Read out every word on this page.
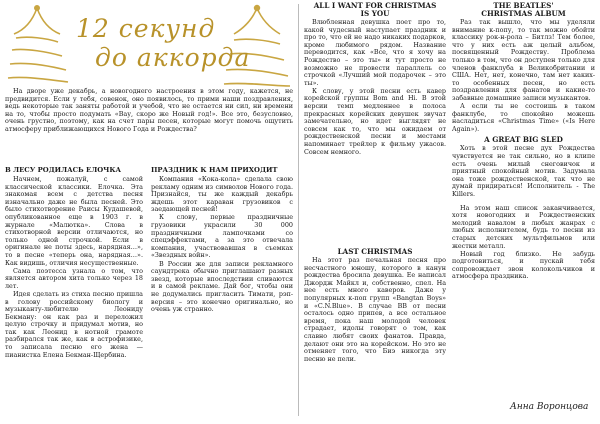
12 секунд
до аккорда

На дворе уже декабрь, а новогоднего настроения в этом году, кажется, не предвидится. Если у тебя, совенок, оно появилось, то прими наши поздравления, ведь некоторые так заняты работой и учебой, что не остается ни сил, ни времени на то, чтобы просто подумать «Вау, скоро же Новый год!». Все это, безусловно, очень грустно, поэтому, как на счет пары песен, которые могут помочь ощутить атмосферу приближающихся Нового Года и Рождества?

В ЛЕСУ РОДИЛАСЬ ЕЛОЧКА

Начнем, пожалуй, с самой классической классики. Елочка. Эта знакомая всем с детства песня изначально даже не была песней. Это было стихотворение Раисы Кудашевой, опубликованное еще в 1903 г. в журнале «Малютка». Слова в стихотворной версии отличаются, но только одной строчкой. Если в оригинале не поты здесь, нарядная…», то в песне «теперь она, нарядная…». Как видишь, отличия несущественные.

Сама поэтесса узнала о том, что является автором хита только через 18 лет.

Идея сделать из стиха песню пришла в голову российскому биологу и музыканту-любителю Леониду Бекману: он как раз и переложил целую строчку и придумал мотив, но так как Леонид в нотной грамоте разбирался так же, как в астрофизике, то записала песню его жена — пианистка Елена Бекман-Щербина.

ПРАЗДНИК К НАМ ПРИХОДИТ

Компания «Кока-кола» сделала свою рекламу одним из символов Нового года. Признайся, ты же каждый декабрь ждешь этот караван грузовиков с заедающей песней!

К слову, первые праздничные грузовики украсили 30 000 праздничными лампочками со спецэффектами, а за это отвечала компания, участвовавшая в съемках «Звездных войн».

В России же для записи рекламного саундтрека обычно приглашают разных звезд, которые впоследствии сливаются и в самой рекламе. Дай бог, чтобы они не додумались пригласить Тимати, рэп-версия – это конечно оригинально, но очень уж странно.

ALL I WANT FOR CHRISTMAS
IS YOU

Влюбленная девушка поет про то, какой чудесный наступает праздник и про то, что ей не надо никаких подарков, кроме любимого рядом. Название переводится, как «Все, что я хочу на Рождество – это ты» и тут просто не возможно не провести параллель со строчкой «Лучший мой подарочек – это ты».

К слову, у этой песни есть кавер корейской группы Bom and Hi. В этой версии темп медленнее в полоса прекрасных корейских девушек звучат замечательно, но идет выглядят не совсем как то, что мы ожидаем от рождественской песни и местами напоминает трейлер к фильму ужасов. Совсем немного.

LAST CHRISTMAS

На этот раз печальная песня про несчастного юношу, которого в канун рождества бросила девушка. Ее написал Джордж Майкл и, собственно, спел. На нее есть много каверов. Даже у популярных к-поп групп «Bangtan Boys» и «C.N.Blue». В случае BB от песни осталось одно припев, а все остальное время, пока наш молодой человек страдает, идолы говорят о том, как славно любят своих фанатов. Правда, делают они это на корейском. Но это не отменяет того, что Биэ никогда эту песню не пели.

THE BEATLES'
CHRISTMAS ALBUM

Раз так вышло, что мы уделяли внимание к-попу, то так можно обойти классику рок-н-рола – Битлз! Тем более, что у них есть аж целый альбом, посвященный Рождеству. Проблема только в том, что он доступен только для членов фанклуба в Великобритании и США. Нет, нет, конечно, там нет каких-то особенных песен, но есть поздравления для фанатов и какие-то забавные домашние записи музыкантов.

А если ты не состоишь в таком фанклубе, то спокойно можешь насладиться «Christmas Time» («Is Here Again»).

A GREAT BIG SLED

Хоть в этой песне дух Рождества чувствуется не так сильно, но в клипе есть очень милый снеговичок и приятный спокойный мотив. Задумала она тоже рождественской, так что не думай придираться! Исполнитель - The Killers.

На этом наш список заканчивается, хотя новогодних и Рождественских мелодий навалом в любых жанрах с любых исполнителем, будь то песни из старых детских мультфильмов или жестки металл.

Новый год близко. Не забудь подготовиться, и пускай тебя сопровождает звон колокольчиков и атмосфера праздника.

Анна Воронцова
